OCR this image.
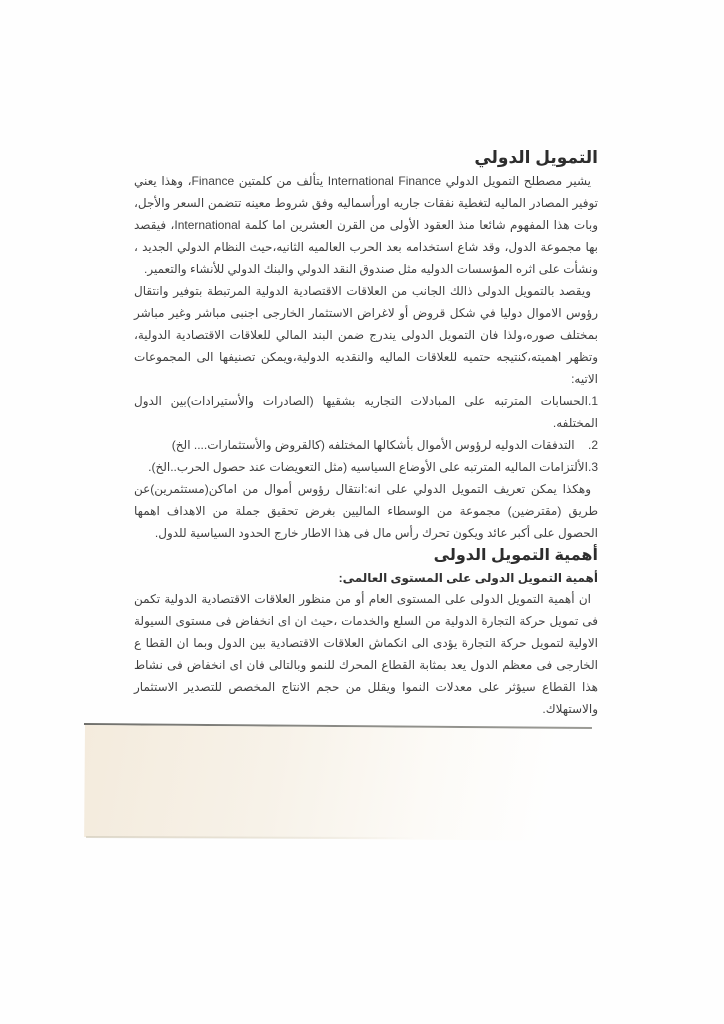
التمويل الدولي

يشير مصطلح التمويل الدولي International Finance يتألف من كلمتين Finance، وهذا يعني توفير المصادر الماليه لتغطية نفقات جاريه اورأسماليه وفق شروط معينه تتضمن السعر والأجل، وبات هذا المفهوم شائعا منذ العقود الأولى من القرن العشرين اما كلمة International، فيقصد بها مجموعة الدول، وقد شاع استخدامه بعد الحرب العالميه الثانيه،حيث النظام الدولي الجديد ، ونشأت على اثره المؤسسات الدوليه مثل صندوق النقد الدولي والبنك الدولي للأنشاء والتعمير.

ويقصد بالتمويل الدولى ذالك الجانب من العلاقات الاقتصادية الدولية المرتبطة بتوفير وانتقال رؤوس الاموال دوليا في شكل قروض أو لاغراض الاستثمار الخارجى اجنبى مباشر وغير مباشر بمختلف صوره،ولذا فان التمويل الدولى يندرج ضمن البند المالي للعلاقات الاقتصادية الدولية، وتظهر اهميته،كنتيجه حتميه للعلاقات الماليه والنقديه الدولية،ويمكن تصنيفها الى المجموعات الاتيه:

1.الحسابات المترتبه على المبادلات التجاريه بشقيها (الصادرات والأستيرادات)بين الدول المختلفه.

2.    التدفقات الدوليه لرؤوس الأموال بأشكالها المختلفه (كالقروض والأستثمارات.... الخ)

3.الألتزامات الماليه المترتبه على الأوضاع السياسيه (مثل التعويضات عند حصول الحرب..الخ).

وهكذا يمكن تعريف التمويل الدولي على انه:انتقال رؤوس أموال من اماكن(مستثمرين)عن طريق (مقترضين) مجموعة من الوسطاء الماليين بغرض تحقيق جملة من الاهداف اهمها الحصول على أكبر عائد ويكون تحرك رأس مال فى هذا الاطار خارج الحدود السياسية للدول.

أهمية التمويل الدولى

أهمية التمويل الدولى على المستوى العالمى:

ان أهمية التمويل الدولى على المستوى العام أو من منظور العلاقات الاقتصادية الدولية تكمن فى تمويل حركة التجارة الدولية من السلع والخدمات ،حيث ان اى انخفاض فى مستوى السيولة الاولية لتمويل حركة التجارة يؤدى الى انكماش العلاقات الاقتصادية بين الدول وبما ان القطا ع الخارجى فى معظم الدول يعد بمثابة القطاع المحرك للنمو وبالتالى فان اى انخفاض فى نشاط هذا القطاع سيؤثر على معدلات النموا ويقلل من حجم الانتاج المخصص للتصدير الاستثمار والاستهلاك.
